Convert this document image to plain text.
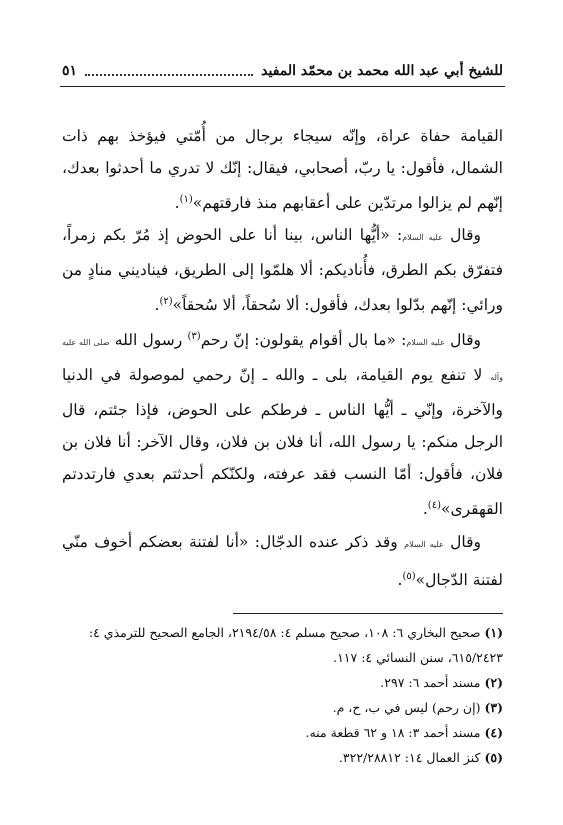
٥١	للشيخ أبي عبد الله محمد بن محمّد المفيد

القيامة حفاة عراة، وإنّه سيجاء برجال من أُمّتي فيؤخذ بهم ذات الشمال، فأقول: يا ربّ، أصحابي، فيقال: إنّك لا تدري ما أحدثوا بعدك، إنّهم لم يزالوا مرتدّين على أعقابهم منذ فارقتهم»$^{(١)}$.

وقال عليه السلام: «أيُّها الناس، بينا أنا على الحوض إذ مُرّ بكم زمراً، فتفرّق بكم الطرق، فأُناديكم: ألا هلمّوا إلى الطريق، فيناديني منادٍ من ورائي: إنّهم بدّلوا بعدك، فأقول: ألا سُحقاً، ألا سُحقاً»$^{(٢)}$.

وقال عليه السلام: «ما بال أقوام يقولون: إنّ رحم$^{(٣)}$ رسول الله صلى الله عليه وآله لا تنفع يوم القيامة، بلى ـ والله ـ إنّ رحمي لموصولة في الدنيا والآخرة، وإنّي ـ أيُّها الناس ـ فرطكم على الحوض، فإذا جئتم، قال الرجل منكم: يا رسول الله، أنا فلان بن فلان، وقال الآخر: أنا فلان بن فلان، فأقول: أمّا النسب فقد عرفته، ولكنّكم أحدثتم بعدي فارتددتم القهقرى»$^{(٤)}$.

وقال عليه السلام وقد ذكر عنده الدجّال: «أنا لفتنة بعضكم أخوف منّي لفتنة الدّجال»$^{(٥)}$.

(١) صحيح البخاري ٦: ١٠٨، صحيح مسلم ٤: ٢١٩٤/٥٨، الجامع الصحيح للترمذي ٤: ٦١٥/٢٤٢٣، سنن النسائي ٤: ١١٧.

(٢) مسند أحمد ٦: ٢٩٧.

(٣) (إن رحم) ليس في ب، ح، م.

(٤) مسند أحمد ٣: ١٨ و ٦٢ قطعة منه.

(٥) كنز العمال ١٤: ٣٢٢/٢٨٨١٢.
